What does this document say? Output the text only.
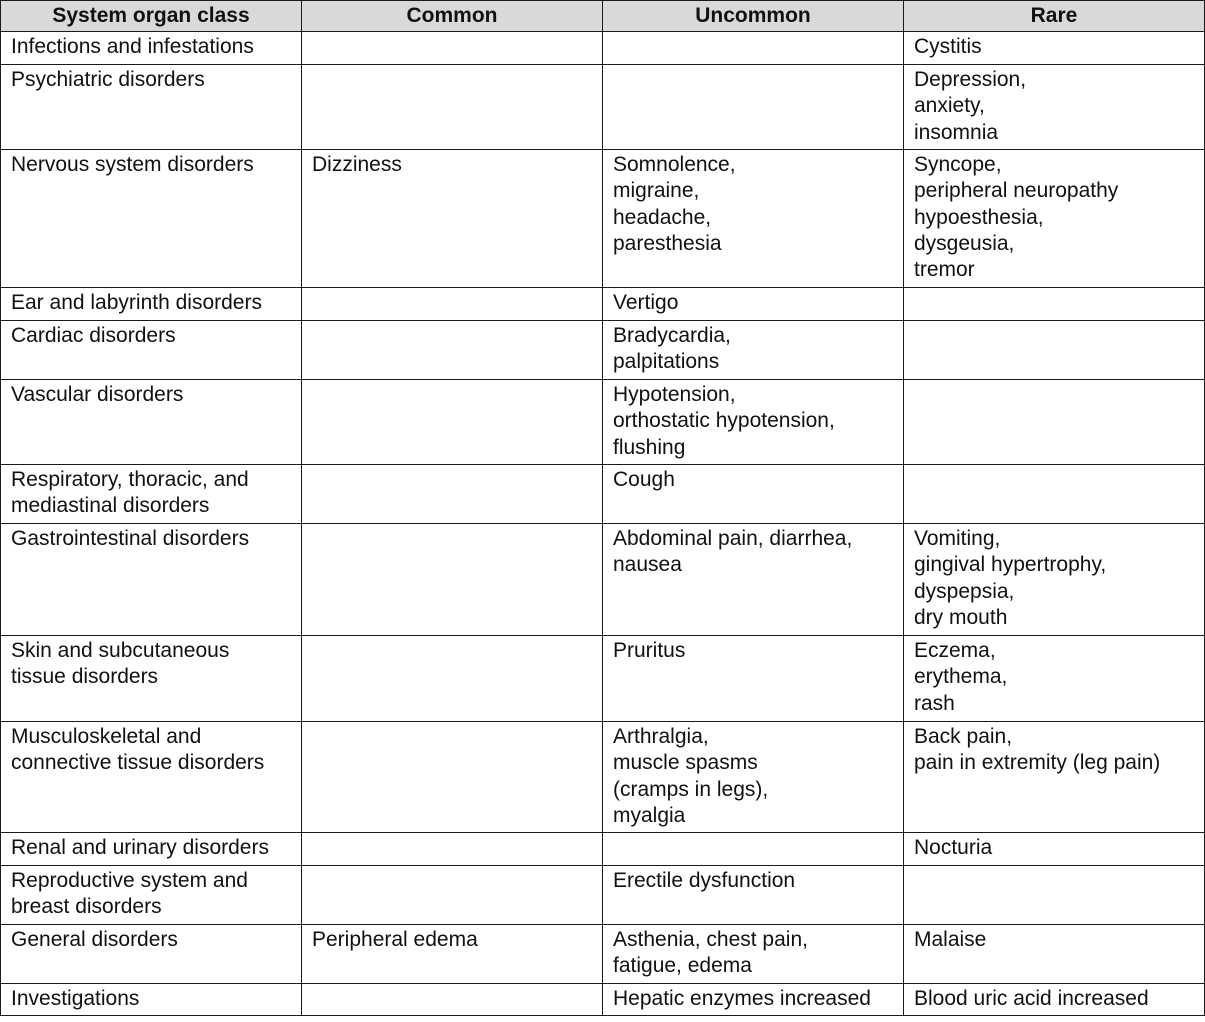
System organ class	Common	Uncommon	Rare
Infections and infestations			Cystitis
Psychiatric disorders			Depression,
anxiety,
insomnia
Nervous system disorders	Dizziness	Somnolence,
migraine,
headache,
paresthesia	Syncope,
peripheral neuropathy
hypoesthesia,
dysgeusia,
tremor
Ear and labyrinth disorders		Vertigo	
Cardiac disorders		Bradycardia,
palpitations	
Vascular disorders		Hypotension,
orthostatic hypotension,
flushing	
Respiratory, thoracic, and
mediastinal disorders		Cough	
Gastrointestinal disorders		Abdominal pain, diarrhea,
nausea	Vomiting,
gingival hypertrophy,
dyspepsia,
dry mouth
Skin and subcutaneous
tissue disorders		Pruritus	Eczema,
erythema,
rash
Musculoskeletal and
connective tissue disorders		Arthralgia,
muscle spasms
(cramps in legs),
myalgia	Back pain,
pain in extremity (leg pain)
Renal and urinary disorders			Nocturia
Reproductive system and
breast disorders		Erectile dysfunction	
General disorders	Peripheral edema	Asthenia, chest pain,
fatigue, edema	Malaise
Investigations		Hepatic enzymes increased	Blood uric acid increased
